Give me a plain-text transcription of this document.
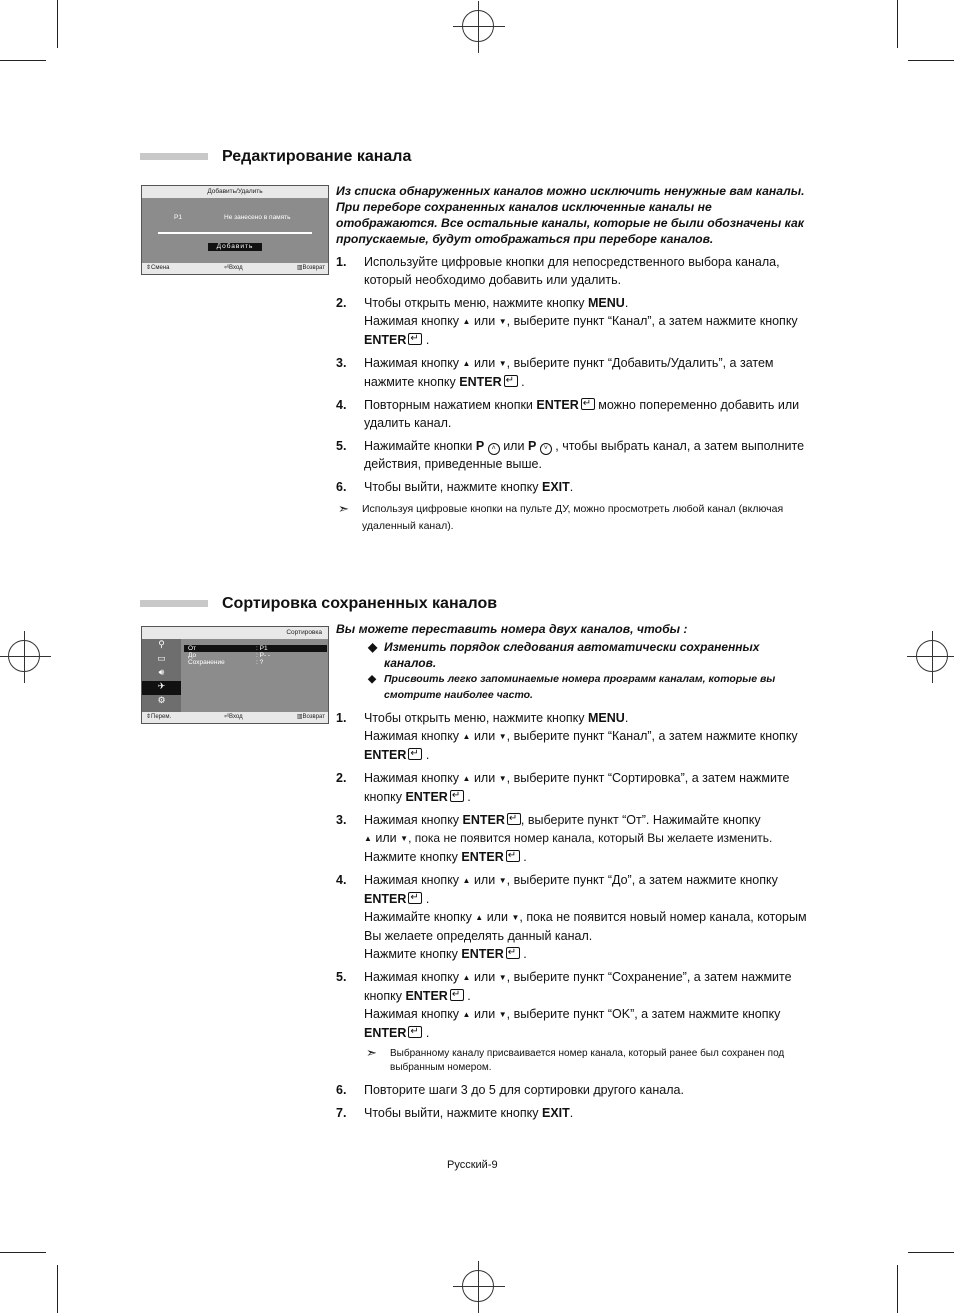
Редактирование канала
Добавить/Удалить
P1	Не занесено в память
Добавить
⇕Смена	⏎Вход	▥Возврат

Из списка обнаруженных каналов можно исключить ненужные вам каналы. При переборе сохраненных каналов исключенные каналы не отображаются. Все остальные каналы, которые не были обозначены как пропускаемые, будут отображаться при переборе каналов.

1. Используйте цифровые кнопки для непосредственного выбора канала, который необходимо добавить или удалить.
2. Чтобы открыть меню, нажмите кнопку MENU.
Нажимая кнопку ▲ или ▼, выберите пункт “Канал”, а затем нажмите кнопку ENTER ↵ .
3. Нажимая кнопку ▲ или ▼, выберите пункт “Добавить/Удалить”, а затем нажмите кнопку ENTER ↵ .
4. Повторным нажатием кнопки ENTER ↵ можно попеременно добавить или удалить канал.
5. Нажимайте кнопки P ˄ или P ˅ , чтобы выбрать канал, а затем выполните действия, приведенные выше.
6. Чтобы выйти, нажмите кнопку EXIT.
➣ Используя цифровые кнопки на пульте ДУ, можно просмотреть любой канал (включая удаленный канал).
Сортировка сохраненных каналов
Сортировка
⚲
▭
🔊︎
✈︎
⚙︎
От	: P1
До	: P- -
Сохранение	: ?
⇕Перем.	⏎Вход	▥Возврат

Вы можете переставить номера двух каналов, чтобы :

◆ Изменить порядок следования автоматически сохраненных каналов.
◆ Присвоить легко запоминаемые номера программ каналам, которые вы смотрите наиболее часто.
1. Чтобы открыть меню, нажмите кнопку MENU.
Нажимая кнопку ▲ или ▼, выберите пункт “Канал”, а затем нажмите кнопку ENTER ↵ .
2. Нажимая кнопку ▲ или ▼, выберите пункт “Сортировка”, а затем нажмите кнопку ENTER ↵ .
3. Нажимая кнопку ENTER ↵ , выберите пункт “От”. Нажимайте кнопку
▲ или ▼, пока не появится номер канала, который Вы желаете изменить.
Нажмите кнопку ENTER ↵ .
4. Нажимая кнопку ▲ или ▼, выберите пункт “До”, а затем нажмите кнопку ENTER ↵ .
Нажимайте кнопку ▲ или ▼, пока не появится новый номер канала, которым Вы желаете определять данный канал.
Нажмите кнопку ENTER ↵ .
5. Нажимая кнопку ▲ или ▼, выберите пункт “Сохранение”, а затем нажмите кнопку ENTER ↵ .
Нажимая кнопку ▲ или ▼, выберите пункт “OK”, а затем нажмите кнопку ENTER ↵ .
➣ Выбранному каналу присваивается номер канала, который ранее был сохранен под выбранным номером.
6. Повторите шаги 3 до 5 для сортировки другого канала.
7. Чтобы выйти, нажмите кнопку EXIT.
Русский-9
